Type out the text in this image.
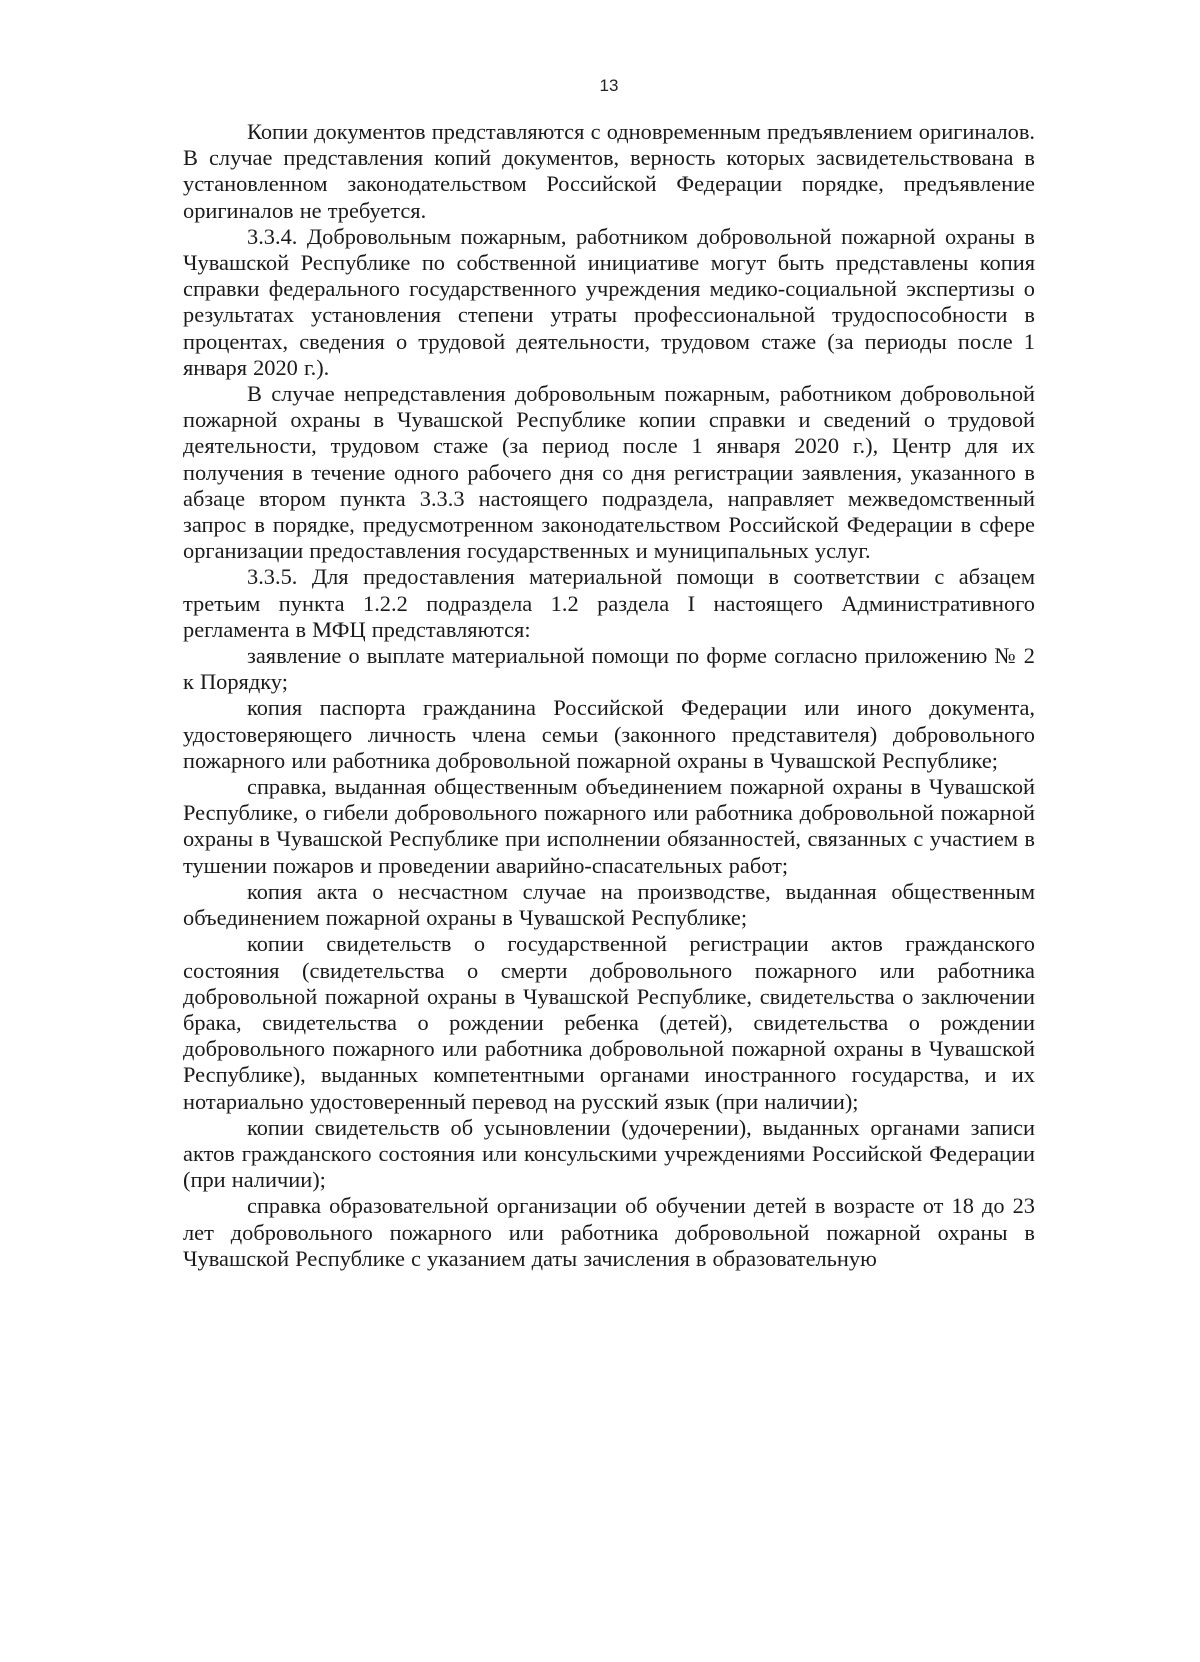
13

Копии документов представляются с одновременным предъявлением оригиналов. В случае представления копий документов, верность которых засвидетельствована в установленном законодательством Российской Федерации порядке, предъявление оригиналов не требуется.

3.3.4. Добровольным пожарным, работником добровольной пожарной охраны в Чувашской Республике по собственной инициативе могут быть представлены копия справки федерального государственного учреждения медико-социальной экспертизы о результатах установления степени утраты профессиональной трудоспособности в процентах, сведения о трудовой деятельности, трудовом стаже (за периоды после 1 января 2020 г.).

В случае непредставления добровольным пожарным, работником добровольной пожарной охраны в Чувашской Республике копии справки и сведений о трудовой деятельности, трудовом стаже (за период после 1 января 2020 г.), Центр для их получения в течение одного рабочего дня со дня регистрации заявления, указанного в абзаце втором пункта 3.3.3 настоящего подраздела, направляет межведомственный запрос в порядке, предусмотренном законодательством Российской Федерации в сфере организации предоставления государственных и муниципальных услуг.

3.3.5. Для предоставления материальной помощи в соответствии с абзацем третьим пункта 1.2.2 подраздела 1.2 раздела I настоящего Административного регламента в МФЦ представляются:

заявление о выплате материальной помощи по форме согласно приложению № 2 к Порядку;

копия паспорта гражданина Российской Федерации или иного документа, удостоверяющего личность члена семьи (законного представителя) добровольного пожарного или работника добровольной пожарной охраны в Чувашской Республике;

справка, выданная общественным объединением пожарной охраны в Чувашской Республике, о гибели добровольного пожарного или работника добровольной пожарной охраны в Чувашской Республике при исполнении обязанностей, связанных с участием в тушении пожаров и проведении аварийно-спасательных работ;

копия акта о несчастном случае на производстве, выданная общественным объединением пожарной охраны в Чувашской Республике;

копии свидетельств о государственной регистрации актов гражданского состояния (свидетельства о смерти добровольного пожарного или работника добровольной пожарной охраны в Чувашской Республике, свидетельства о заключении брака, свидетельства о рождении ребенка (детей), свидетельства о рождении добровольного пожарного или работника добровольной пожарной охраны в Чувашской Республике), выданных компетентными органами иностранного государства, и их нотариально удостоверенный перевод на русский язык (при наличии);

копии свидетельств об усыновлении (удочерении), выданных органами записи актов гражданского состояния или консульскими учреждениями Российской Федерации (при наличии);

справка образовательной организации об обучении детей в возрасте от 18 до 23 лет добровольного пожарного или работника добровольной пожарной охраны в Чувашской Республике с указанием даты зачисления в образовательную
